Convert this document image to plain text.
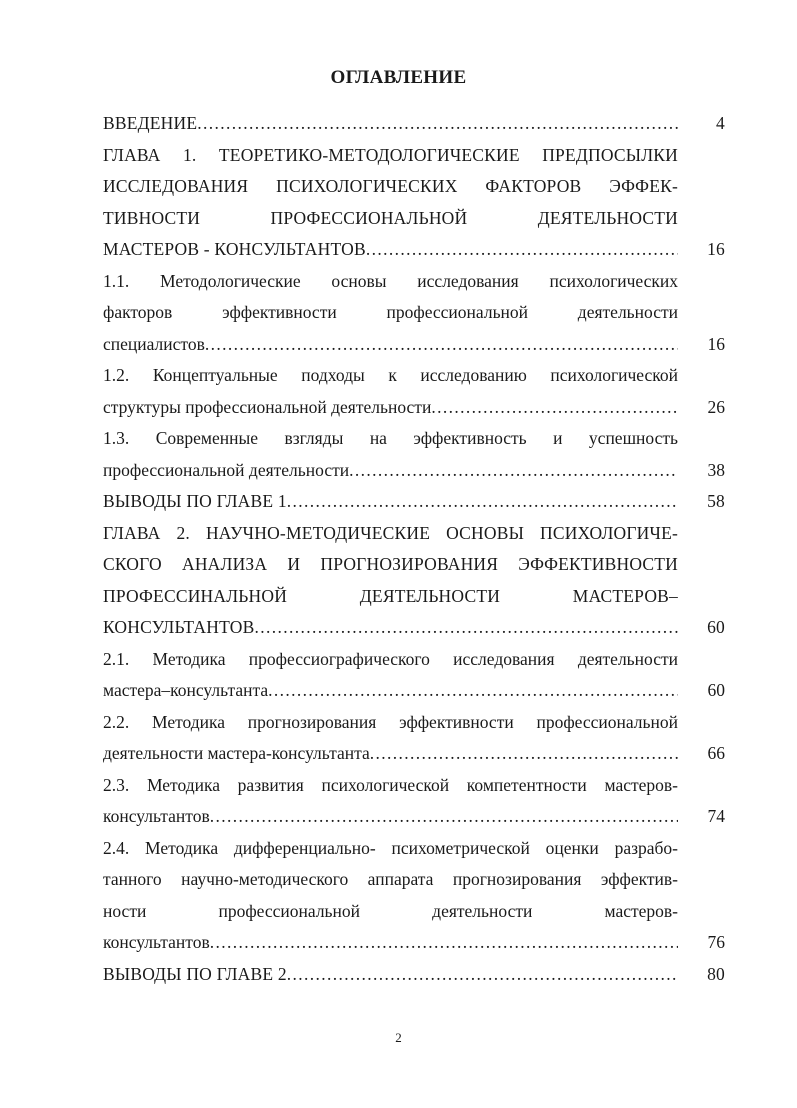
ОГЛАВЛЕНИЕ
ВВЕДЕНИЕ . . .	4
ГЛАВА 1. ТЕОРЕТИКО-МЕТОДОЛОГИЧЕСКИЕ ПРЕДПОСЫЛКИ
ИССЛЕДОВАНИЯ ПСИХОЛОГИЧЕСКИХ ФАКТОРОВ ЭФФЕК-
ТИВНОСТИ ПРОФЕССИОНАЛЬНОЙ ДЕЯТЕЛЬНОСТИ
МАСТЕРОВ - КОНСУЛЬТАНТОВ . . .	16
1.1. Методологические основы исследования психологических
факторов эффективности профессиональной деятельности
специалистов . . .	16
1.2. Концептуальные подходы к исследованию психологической
структуры профессиональной деятельности . . .	26
1.3. Современные взгляды на эффективность и успешность
профессиональной деятельности . . .	38
ВЫВОДЫ ПО ГЛАВЕ 1 . . .	58
ГЛАВА 2. НАУЧНО-МЕТОДИЧЕСКИЕ ОСНОВЫ ПСИХОЛОГИЧЕ-
СКОГО АНАЛИЗА И ПРОГНОЗИРОВАНИЯ ЭФФЕКТИВНОСТИ
ПРОФЕССИНАЛЬНОЙ ДЕЯТЕЛЬНОСТИ МАСТЕРОВ–
КОНСУЛЬТАНТОВ . . .	60
2.1. Методика профессиографического исследования деятельности
мастера–консультанта . . .	60
2.2. Методика прогнозирования эффективности профессиональной
деятельности мастера-консультанта . . .	66
2.3. Методика развития психологической компетентности мастеров-
консультантов . . .	74
2.4. Методика дифференциально- психометрической оценки разрабо-
танного научно-методического аппарата прогнозирования эффектив-
ности профессиональной деятельности мастеров-
консультантов . . .	76
ВЫВОДЫ ПО ГЛАВЕ 2 . . .	80
2
